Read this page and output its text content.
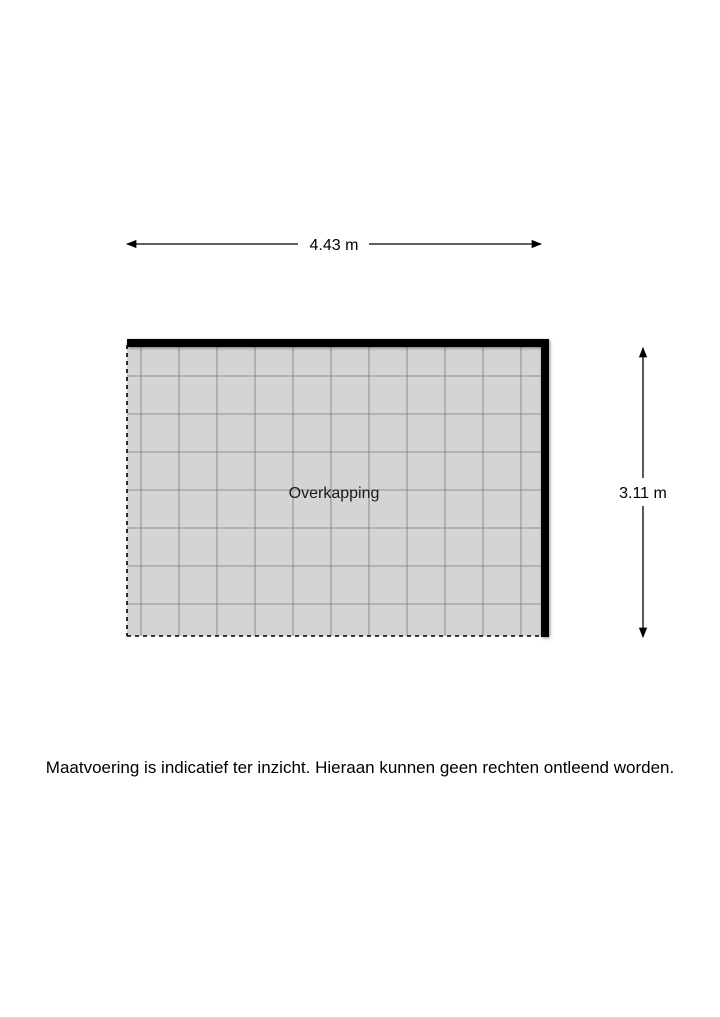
4.43 m
3.11 m
Overkapping
Maatvoering is indicatief ter inzicht. Hieraan kunnen geen rechten ontleend worden.
